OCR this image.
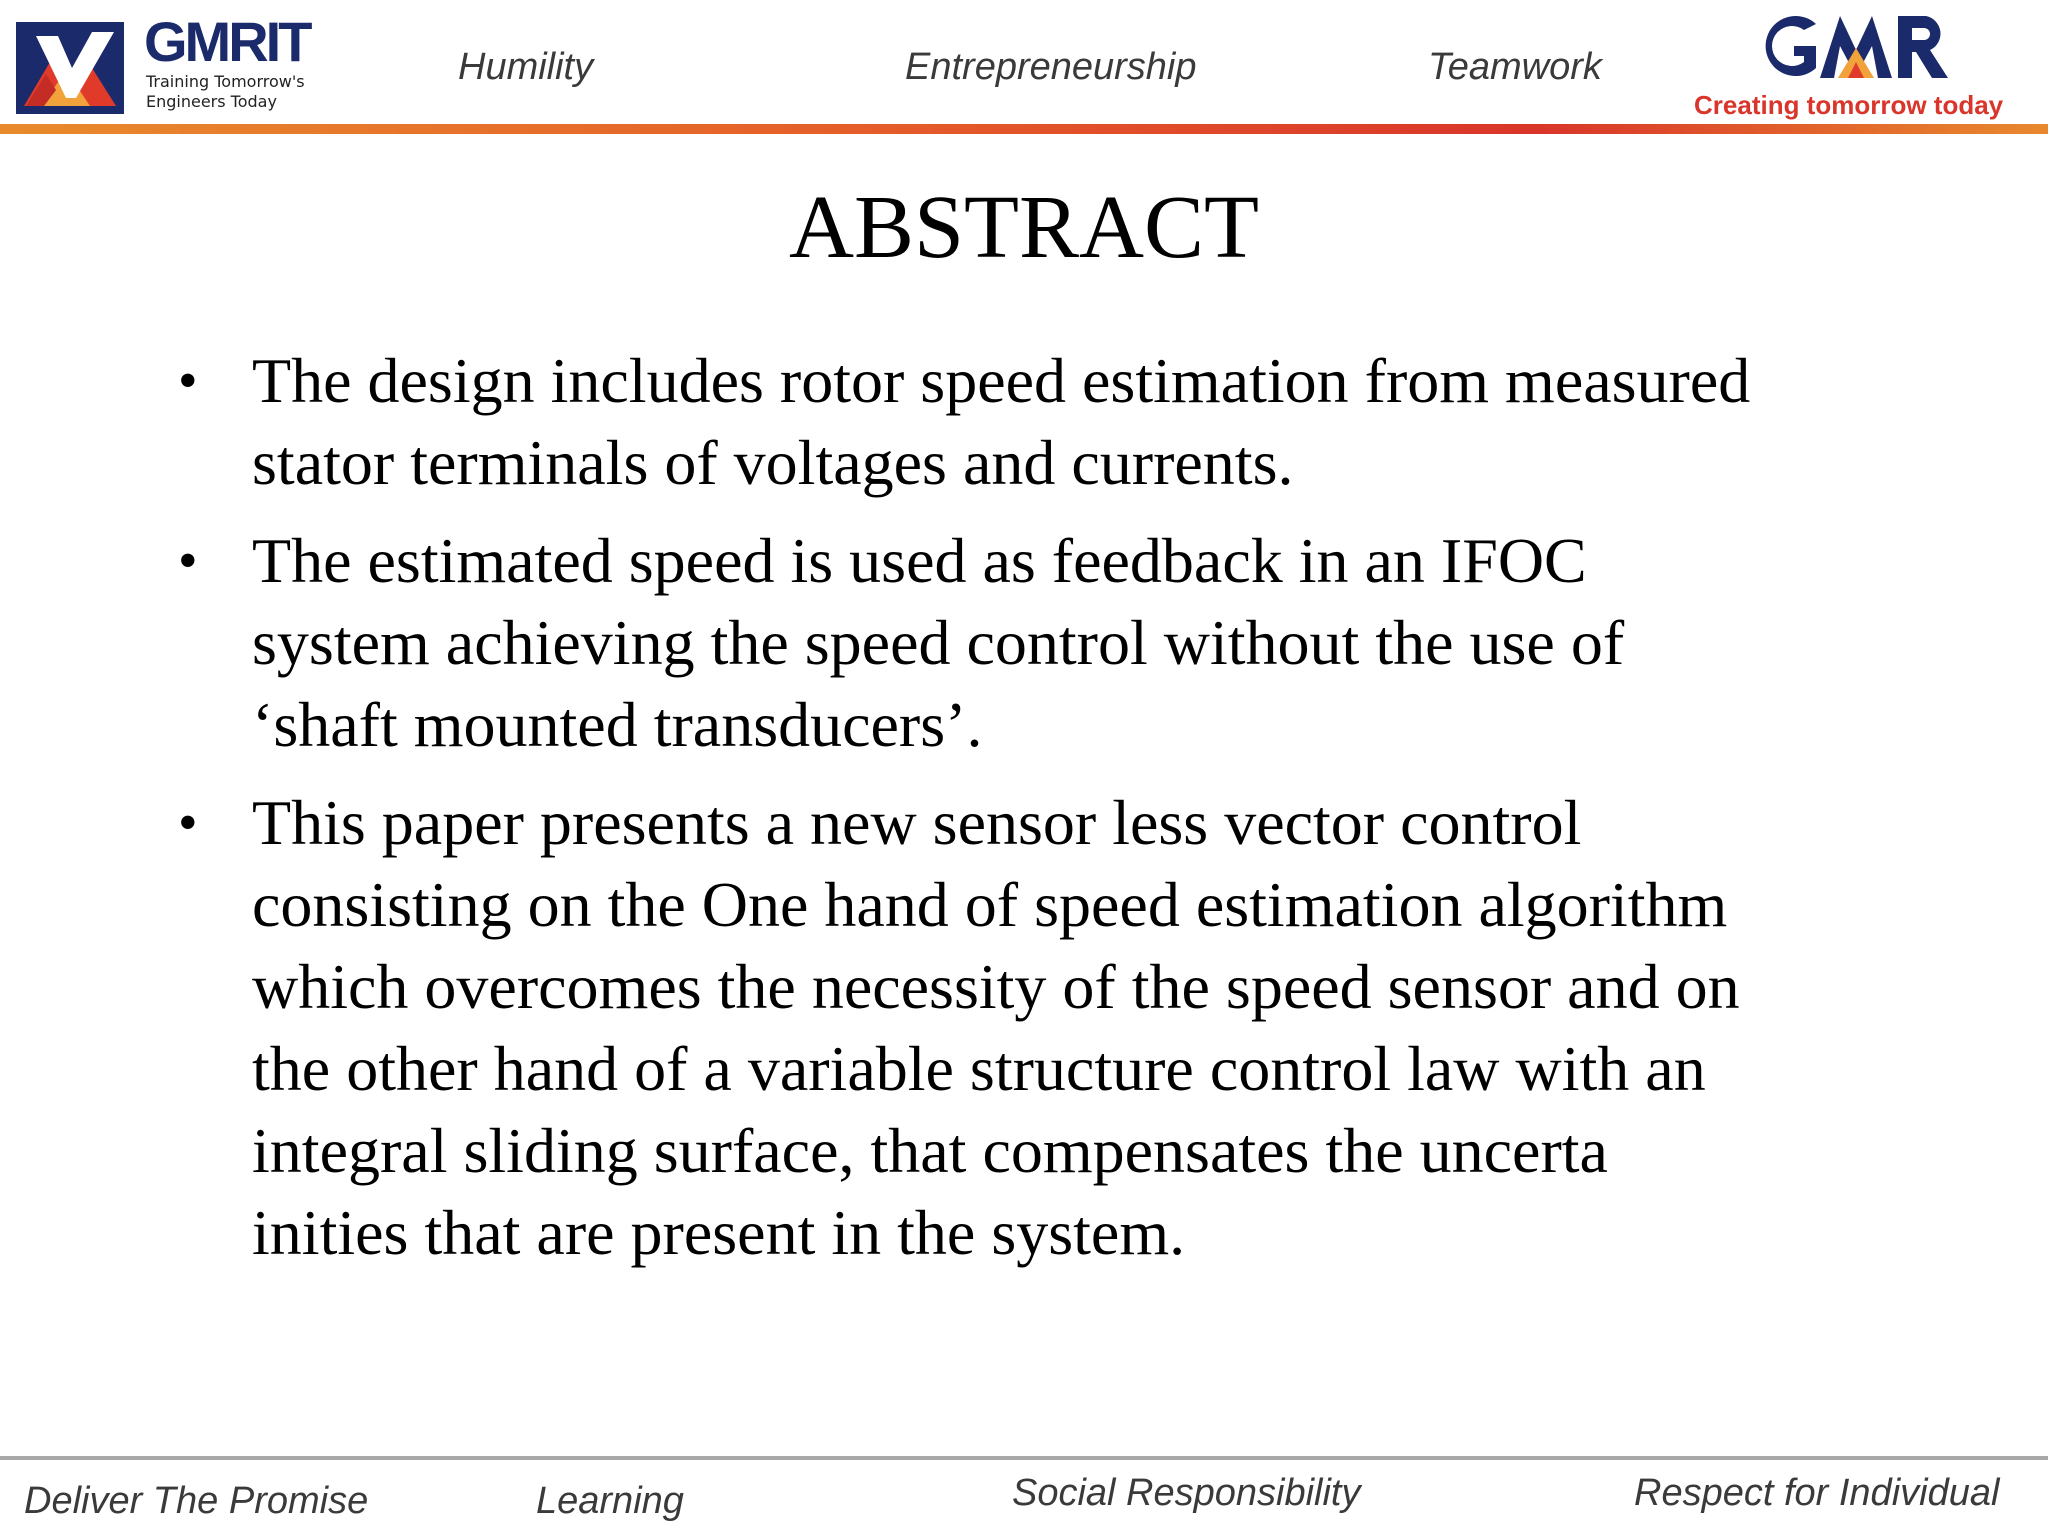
GMRIT
Training Tomorrow's
Engineers Today
Humility	Entrepreneurship	Teamwork
Creating tomorrow today
ABSTRACT
• The design includes rotor speed estimation from measured
stator terminals of voltages and currents.
• The estimated speed is used as feedback in an IFOC
system achieving the speed control without the use of
‘shaft mounted transducers’.
• This paper presents a new sensor less vector control
consisting on the One hand of speed estimation algorithm
which overcomes the necessity of the speed sensor and on
the other hand of a variable structure control law with an
integral sliding surface, that compensates the uncerta
inities that are present in the system.
Deliver The Promise	Learning	Social Responsibility	Respect for Individual
